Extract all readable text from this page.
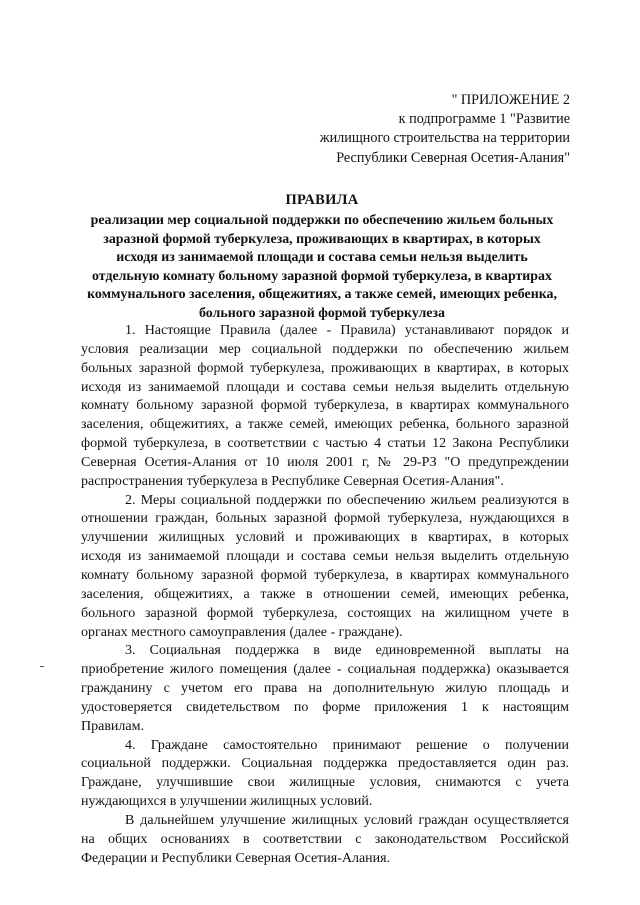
" ПРИЛОЖЕНИЕ 2
к подпрограмме 1 "Развитие
жилищного строительства на территории
Республики Северная Осетия-Алания"
ПРАВИЛА
реализации мер социальной поддержки по обеспечению жильем больных
заразной формой туберкулеза, проживающих в квартирах, в которых
исходя из занимаемой площади и состава семьи нельзя выделить
отдельную комнату больному заразной формой туберкулеза, в квартирах
коммунального заселения, общежитиях, а также семей, имеющих ребенка,
больного заразной формой туберкулеза
1. Настоящие Правила (далее - Правила) устанавливают порядок и
условия реализации мер социальной поддержки по обеспечению жильем
больных заразной формой туберкулеза, проживающих в квартирах, в которых
исходя из занимаемой площади и состава семьи нельзя выделить отдельную
комнату больному заразной формой туберкулеза, в квартирах коммунального
заселения, общежитиях, а также семей, имеющих ребенка, больного заразной
формой туберкулеза, в соответствии с частью 4 статьи 12 Закона Республики
Северная Осетия-Алания от 10 июля 2001 г, № 29-РЗ "О предупреждении
распространения туберкулеза в Республике Северная Осетия-Алания".
2. Меры социальной поддержки по обеспечению жильем реализуются в
отношении граждан, больных заразной формой туберкулеза, нуждающихся в
улучшении жилищных условий и проживающих в квартирах, в которых
исходя из занимаемой площади и состава семьи нельзя выделить отдельную
комнату больному заразной формой туберкулеза, в квартирах коммунального
заселения, общежитиях, а также в отношении семей, имеющих ребенка,
больного заразной формой туберкулеза, состоящих на жилищном учете в
органах местного самоуправления (далее - граждане).
3. Социальная поддержка в виде единовременной выплаты на
приобретение жилого помещения (далее - социальная поддержка) оказывается
гражданину с учетом его права на дополнительную жилую площадь и
удостоверяется свидетельством по форме приложения 1 к настоящим
Правилам.
4. Граждане самостоятельно принимают решение о получении
социальной поддержки. Социальная поддержка предоставляется один раз.
Граждане, улучшившие свои жилищные условия, снимаются с учета
нуждающихся в улучшении жилищных условий.
В дальнейшем улучшение жилищных условий граждан осуществляется
на общих основаниях в соответствии с законодательством Российской
Федерации и Республики Северная Осетия-Алания.
